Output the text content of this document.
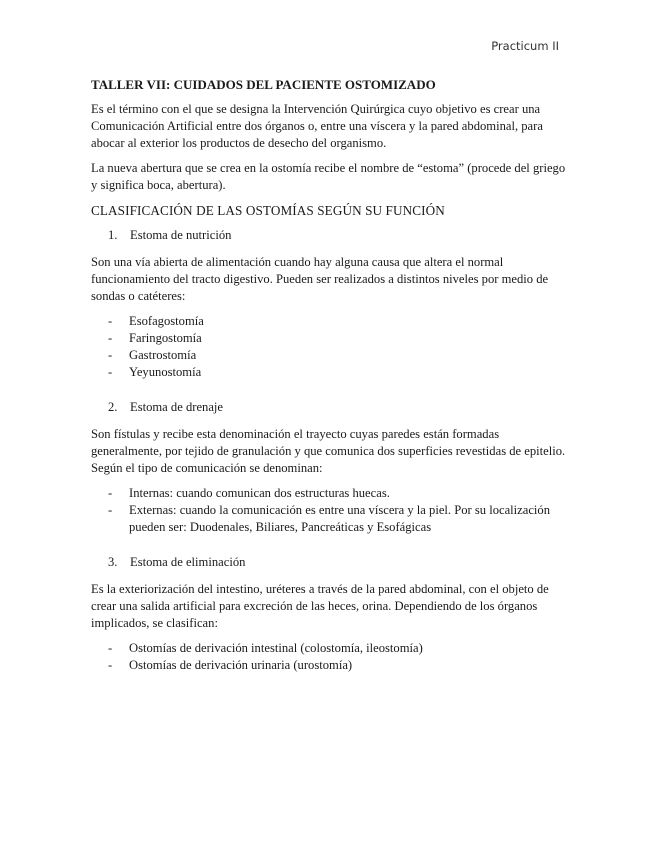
Practicum II
TALLER VII: CUIDADOS DEL PACIENTE OSTOMIZADO

Es el término con el que se designa la Intervención Quirúrgica cuyo objetivo es crear una Comunicación Artificial entre dos órganos o, entre una víscera y la pared abdominal, para abocar al exterior los productos de desecho del organismo.

La nueva abertura que se crea en la ostomía recibe el nombre de “estoma” (procede del griego y significa boca, abertura).

CLASIFICACIÓN DE LAS OSTOMÍAS SEGÚN SU FUNCIÓN
1. Estoma de nutrición

Son una vía abierta de alimentación cuando hay alguna causa que altera el normal funcionamiento del tracto digestivo. Pueden ser realizados a distintos niveles por medio de sondas o catéteres:

-	Esofagostomía
-	Faringostomía
-	Gastrostomía
-	Yeyunostomía
2. Estoma de drenaje

Son fístulas y recibe esta denominación el trayecto cuyas paredes están formadas generalmente, por tejido de granulación y que comunica dos superficies revestidas de epitelio. Según el tipo de comunicación se denominan:

-	Internas: cuando comunican dos estructuras huecas.
-	Externas: cuando la comunicación es entre una víscera y la piel. Por su localización pueden ser: Duodenales, Biliares, Pancreáticas y Esofágicas
3. Estoma de eliminación

Es la exteriorización del intestino, uréteres a través de la pared abdominal, con el objeto de crear una salida artificial para excreción de las heces, orina. Dependiendo de los órganos implicados, se clasifican:

-	Ostomías de derivación intestinal (colostomía, ileostomía)
-	Ostomías de derivación urinaria (urostomía)
